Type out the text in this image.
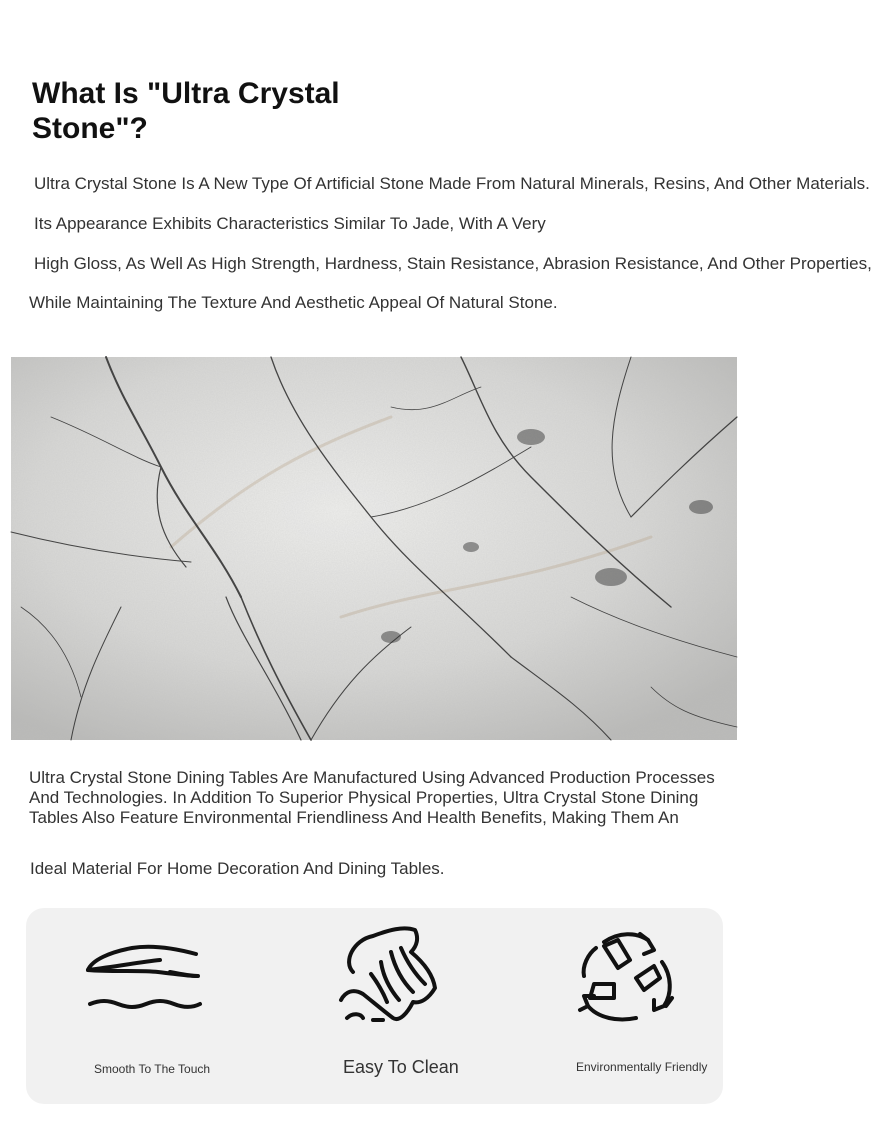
What Is "Ultra Crystal Stone"?

Ultra Crystal Stone Is A New Type Of Artificial Stone Made From Natural Minerals, Resins, And Other Materials.

Its Appearance Exhibits Characteristics Similar To Jade, With A Very

High Gloss, As Well As High Strength, Hardness, Stain Resistance, Abrasion Resistance, And Other Properties,

While Maintaining The Texture And Aesthetic Appeal Of Natural Stone.

Ultra Crystal Stone Dining Tables Are Manufactured Using Advanced Production Processes And Technologies. In Addition To Superior Physical Properties, Ultra Crystal Stone Dining Tables Also Feature Environmental Friendliness And Health Benefits, Making Them An

Ideal Material For Home Decoration And Dining Tables.

Smooth To The Touch	Easy To Clean	Environmentally Friendly
